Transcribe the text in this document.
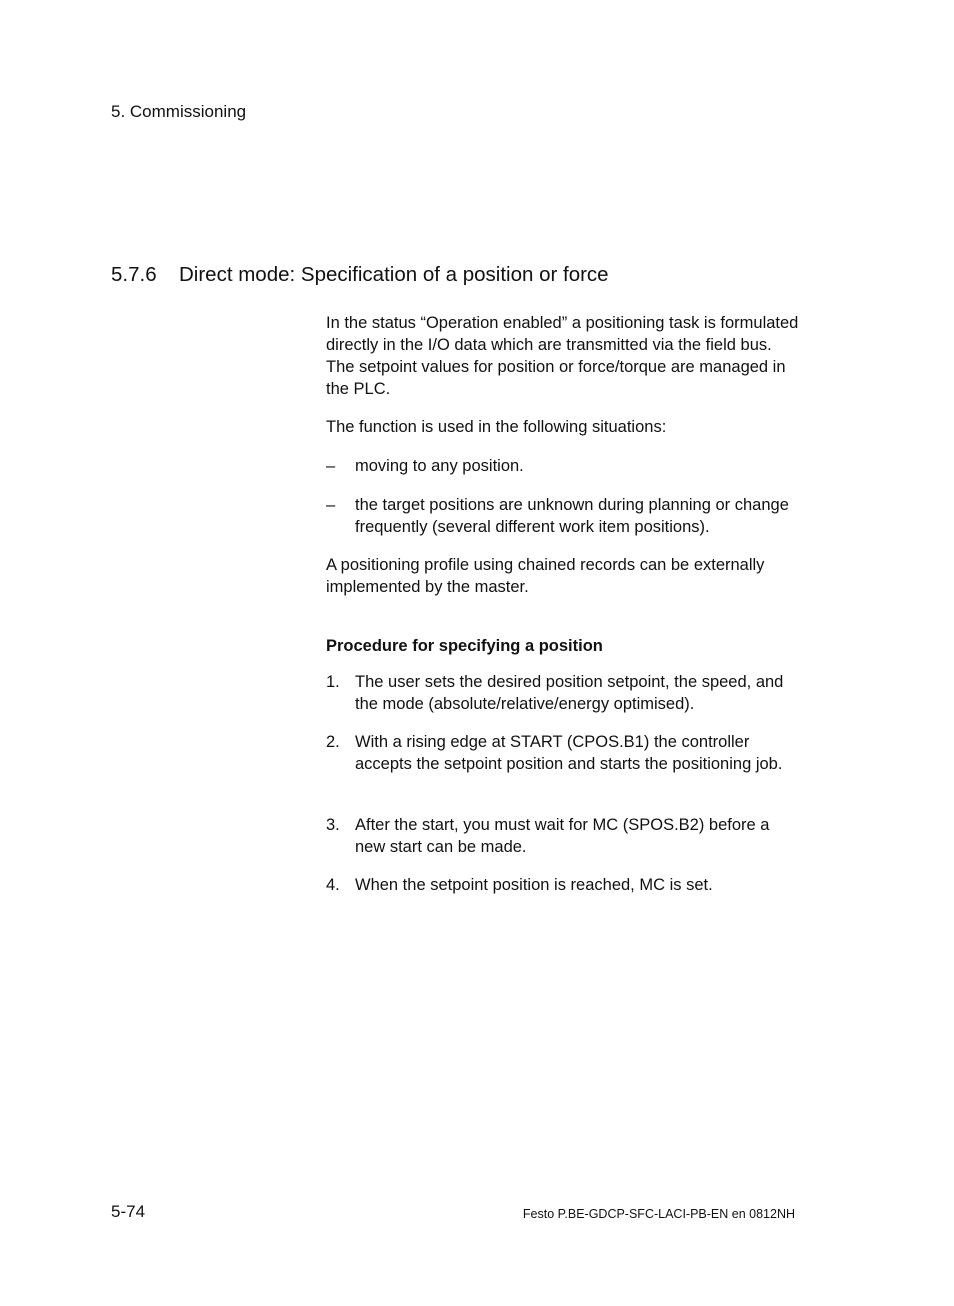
5. Commissioning
5.7.6 Direct mode: Specification of a position or force

In the status “Operation enabled” a positioning task is formulated directly in the I/O data which are transmitted via the field bus. The setpoint values for position or force/torque are managed in the PLC.

The function is used in the following situations:

– moving to any position.
– the target positions are unknown during planning or change frequently (several different work item positions).

A positioning profile using chained records can be externally implemented by the master.

Procedure for specifying a position
1. The user sets the desired position setpoint, the speed, and the mode (absolute/relative/energy optimised).
2. With a rising edge at START (CPOS.B1) the controller accepts the setpoint position and starts the positioning job.
3. After the start, you must wait for MC (SPOS.B2) before a new start can be made.
4. When the setpoint position is reached, MC is set.
5-74	Festo P.BE-GDCP-SFC-LACI-PB-EN en 0812NH
